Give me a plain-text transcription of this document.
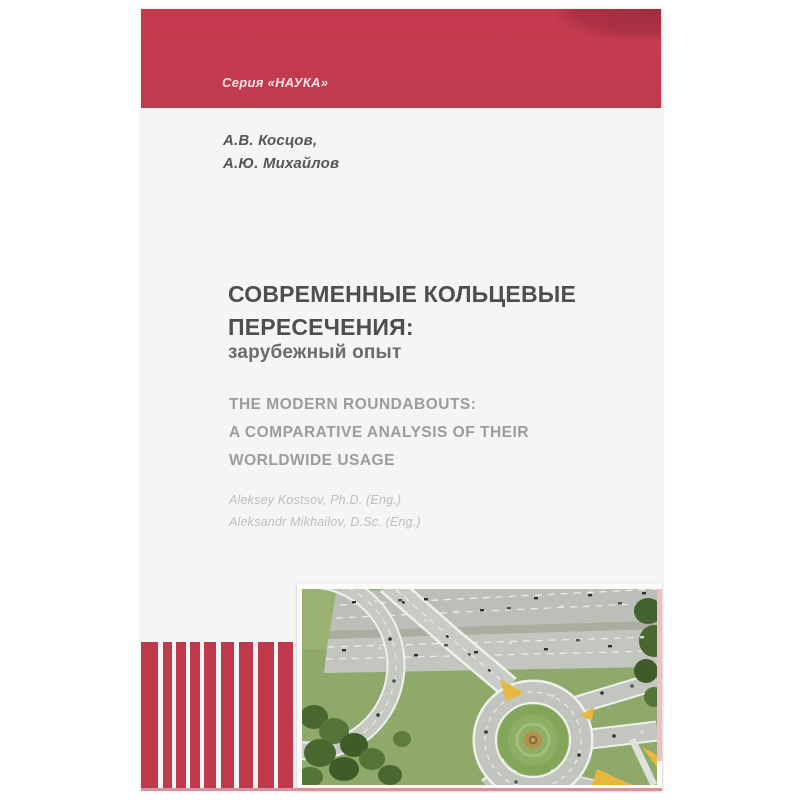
Серия «НАУКА»
А.В. Косцов,
А.Ю. Михайлов
СОВРЕМЕННЫЕ КОЛЬЦЕВЫЕ
ПЕРЕСЕЧЕНИЯ:
зарубежный опыт
THE MODERN ROUNDABOUTS:
A COMPARATIVE ANALYSIS OF THEIR
WORLDWIDE USAGE
Aleksey Kostsov, Ph.D. (Eng.)
Aleksandr Mikhailov, D.Sc. (Eng.)
